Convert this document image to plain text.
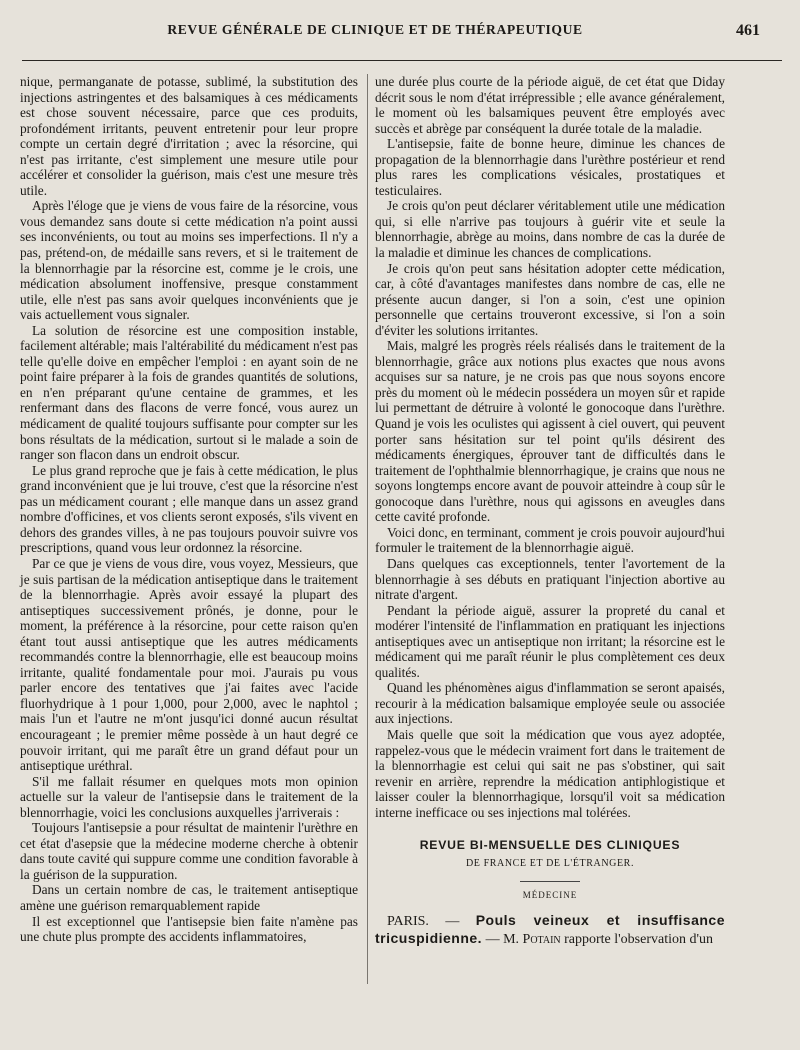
REVUE GÉNÉRALE DE CLINIQUE ET DE THÉRAPEUTIQUE	461

nique, permanganate de potasse, sublimé, la substitution des injections astringentes et des balsamiques à ces médicaments est chose souvent nécessaire, parce que ces produits, profondément irritants, peuvent entretenir pour leur propre compte un certain degré d'irritation ; avec la résorcine, qui n'est pas irritante, c'est simplement une mesure utile pour accélérer et consolider la guérison, mais c'est une mesure très utile.

Après l'éloge que je viens de vous faire de la résorcine, vous vous demandez sans doute si cette médication n'a point aussi ses inconvénients, ou tout au moins ses imperfections. Il n'y a pas, prétend-on, de médaille sans revers, et si le traitement de la blennorrhagie par la résorcine est, comme je le crois, une médication absolument inoffensive, presque constamment utile, elle n'est pas sans avoir quelques inconvénients que je vais actuellement vous signaler.

La solution de résorcine est une composition instable, facilement altérable; mais l'altérabilité du médicament n'est pas telle qu'elle doive en empêcher l'emploi : en ayant soin de ne point faire préparer à la fois de grandes quantités de solutions, en n'en préparant qu'une centaine de grammes, et les renfermant dans des flacons de verre foncé, vous aurez un médicament de qualité toujours suffisante pour compter sur les bons résultats de la médication, surtout si le malade a soin de ranger son flacon dans un endroit obscur.

Le plus grand reproche que je fais à cette médication, le plus grand inconvénient que je lui trouve, c'est que la résorcine n'est pas un médicament courant ; elle manque dans un assez grand nombre d'officines, et vos clients seront exposés, s'ils vivent en dehors des grandes villes, à ne pas toujours pouvoir suivre vos prescriptions, quand vous leur ordonnez la résorcine.

Par ce que je viens de vous dire, vous voyez, Messieurs, que je suis partisan de la médication antiseptique dans le traitement de la blennorrhagie. Après avoir essayé la plupart des antiseptiques successivement prônés, je donne, pour le moment, la préférence à la résorcine, pour cette raison qu'en étant tout aussi antiseptique que les autres médicaments recommandés contre la blennorrhagie, elle est beaucoup moins irritante, qualité fondamentale pour moi. J'aurais pu vous parler encore des tentatives que j'ai faites avec l'acide fluorhydrique à 1 pour 1,000, pour 2,000, avec le naphtol ; mais l'un et l'autre ne m'ont jusqu'ici donné aucun résultat encourageant ; le premier même possède à un haut degré ce pouvoir irritant, qui me paraît être un grand défaut pour un antiseptique uréthral.

S'il me fallait résumer en quelques mots mon opinion actuelle sur la valeur de l'antisepsie dans le traitement de la blennorrhagie, voici les conclusions auxquelles j'arriverais :

Toujours l'antisepsie a pour résultat de maintenir l'urèthre en cet état d'asepsie que la médecine moderne cherche à obtenir dans toute cavité qui suppure comme une condition favorable à la guérison de la suppuration.

Dans un certain nombre de cas, le traitement antiseptique amène une guérison remarquablement rapide

Il est exceptionnel que l'antisepsie bien faite n'amène pas une chute plus prompte des accidents inflammatoires,

une durée plus courte de la période aiguë, de cet état que Diday décrit sous le nom d'état irrépressible ; elle avance généralement, le moment où les balsamiques peuvent être employés avec succès et abrège par conséquent la durée totale de la maladie.

L'antisepsie, faite de bonne heure, diminue les chances de propagation de la blennorrhagie dans l'urèthre postérieur et rend plus rares les complications vésicales, prostatiques et testiculaires.

Je crois qu'on peut déclarer véritablement utile une médication qui, si elle n'arrive pas toujours à guérir vite et seule la blennorrhagie, abrège au moins, dans nombre de cas la durée de la maladie et diminue les chances de complications.

Je crois qu'on peut sans hésitation adopter cette médication, car, à côté d'avantages manifestes dans nombre de cas, elle ne présente aucun danger, si l'on a soin, c'est une opinion personnelle que certains trouveront excessive, si l'on a soin d'éviter les solutions irritantes.

Mais, malgré les progrès réels réalisés dans le traitement de la blennorrhagie, grâce aux notions plus exactes que nous avons acquises sur sa nature, je ne crois pas que nous soyons encore près du moment où le médecin possédera un moyen sûr et rapide lui permettant de détruire à volonté le gonocoque dans l'urèthre. Quand je vois les oculistes qui agissent à ciel ouvert, qui peuvent porter sans hésitation sur tel point qu'ils désirent des médicaments énergiques, éprouver tant de difficultés dans le traitement de l'ophthalmie blennorrhagique, je crains que nous ne soyons longtemps encore avant de pouvoir atteindre à coup sûr le gonocoque dans l'urèthre, nous qui agissons en aveugles dans cette cavité profonde.

Voici donc, en terminant, comment je crois pouvoir aujourd'hui formuler le traitement de la blennorrhagie aiguë.

Dans quelques cas exceptionnels, tenter l'avortement de la blennorrhagie à ses débuts en pratiquant l'injection abortive au nitrate d'argent.

Pendant la période aiguë, assurer la propreté du canal et modérer l'intensité de l'inflammation en pratiquant les injections antiseptiques avec un antiseptique non irritant; la résorcine est le médicament qui me paraît réunir le plus complètement ces deux qualités.

Quand les phénomènes aigus d'inflammation se seront apaisés, recourir à la médication balsamique employée seule ou associée aux injections.

Mais quelle que soit la médication que vous ayez adoptée, rappelez-vous que le médecin vraiment fort dans le traitement de la blennorrhagie est celui qui sait ne pas s'obstiner, qui sait revenir en arrière, reprendre la médication antiphlogistique et laisser couler la blennorrhagique, lorsqu'il voit sa médication interne inefficace ou ses injections mal tolérées.

REVUE BI-MENSUELLE DES CLINIQUES
DE FRANCE ET DE L'ÉTRANGER.
MÉDECINE

PARIS. — Pouls veineux et insuffisance tricuspidienne. — M. Potain rapporte l'observation d'un
